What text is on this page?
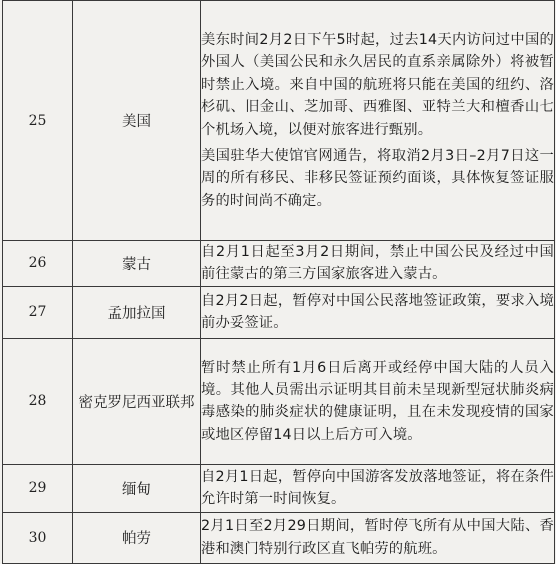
25	美国	美东时间2月2日下午5时起，过去14天内访问过中国的外国人（美国公民和永久居民的直系亲属除外）将被暂时禁止入境。来自中国的航班将只能在美国的纽约、洛杉矶、旧金山、芝加哥、西雅图、亚特兰大和檀香山七个机场入境，以便对旅客进行甄别。
美国驻华大使馆官网通告，将取消2月3日–2月7日这一周的所有移民、非移民签证预约面谈，具体恢复签证服务的时间尚不确定。

26	蒙古	自2月1日起至3月2日期间，禁止中国公民及经过中国前往蒙古的第三方国家旅客进入蒙古。

27	孟加拉国	自2月2日起，暂停对中国公民落地签证政策，要求入境前办妥签证。

28	密克罗尼西亚联邦	暂时禁止所有1月6日后离开或经停中国大陆的人员入境。其他人员需出示证明其目前未呈现新型冠状肺炎病毒感染的肺炎症状的健康证明，且在未发现疫情的国家或地区停留14日以上后方可入境。

29	缅甸	自2月1日起，暂停向中国游客发放落地签证，将在条件允许时第一时间恢复。

30	帕劳	2月1日至2月29日期间，暂时停飞所有从中国大陆、香港和澳门特别行政区直飞帕劳的航班。
